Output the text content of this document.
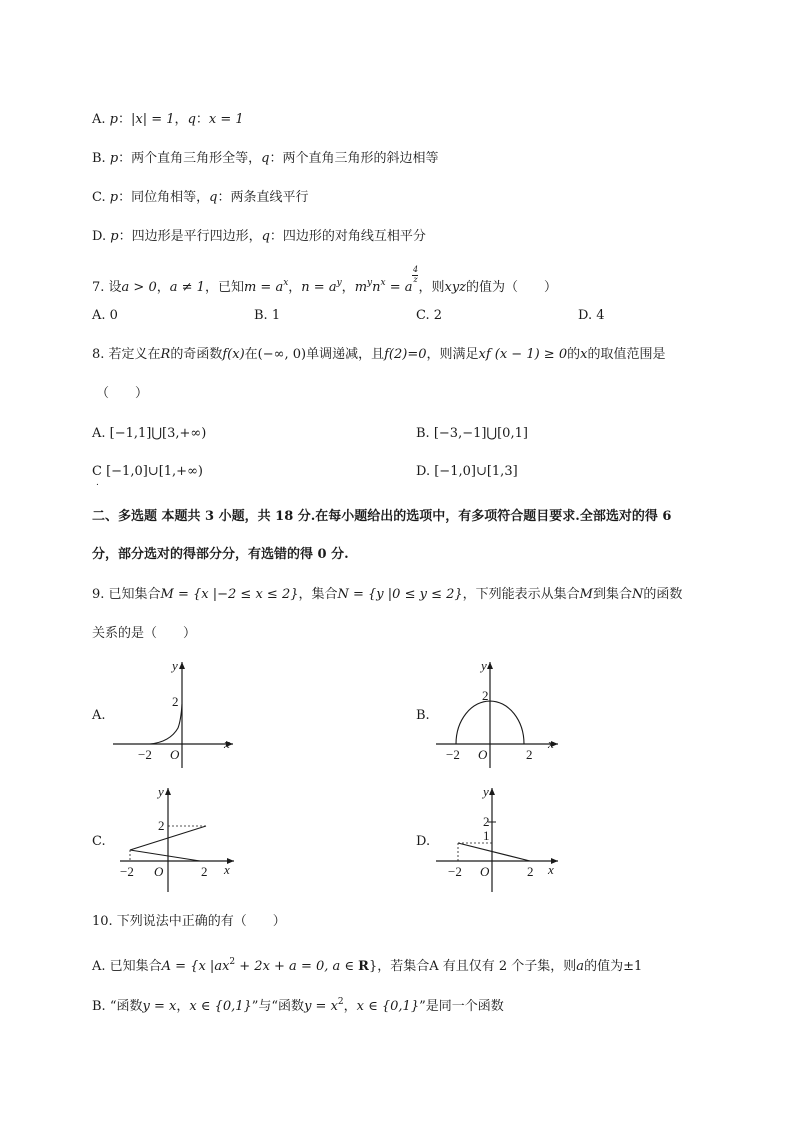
A. p：|x| = 1，q：x = 1
B. p：两个直角三角形全等，q：两个直角三角形的斜边相等
C. p：同位角相等，q：两条直线平行
D. p：四边形是平行四边形，q：四边形的对角线互相平分
7. 设a > 0，a ≠ 1，已知$m = a^x$，$n = a^y$，$m^yn^x = a$
$\frac{4}{z}$
，则xyz的值为（　　）
A. 0	B. 1	C. 2	D. 4
8. 若定义在R的奇函数f(x)在(−∞, 0)单调递减，且f(2)=0，则满足xf (x − 1) ≥ 0的x的取值范围是
（　　）
A. [−1,1]⋃[3,+∞)	B. [−3,−1]⋃[0,1]
C [−1,0]∪[1,+∞)
.
D. [−1,0]∪[1,3]
二、多选题 本题共 3 小题，共 18 分.在每小题给出的选项中，有多项符合题目要求.全部选对的得 6
分，部分选对的得部分分，有选错的得 0 分.
9. 已知集合M = {x |−2 ≤ x ≤ 2}，集合N = {y |0 ≤ y ≤ 2}，下列能表示从集合M到集合N的函数
关系的是（　　）
A.
y
x
O
2
−2
B.
y
x
O
2
−2	2
C.
y
x
O
2
−2	2
D.
y
x
O
2
1
−2	2
10. 下列说法中正确的有（　　）
A. 已知集合A = {x $|ax^2 + 2x + a = 0$, a ∈ R}，若集合A 有且仅有 2 个子集，则a的值为±1
B. “函数y = x，x ∈ {0,1}”与“函数$y = x^2$，x ∈ {0,1}”是同一个函数
